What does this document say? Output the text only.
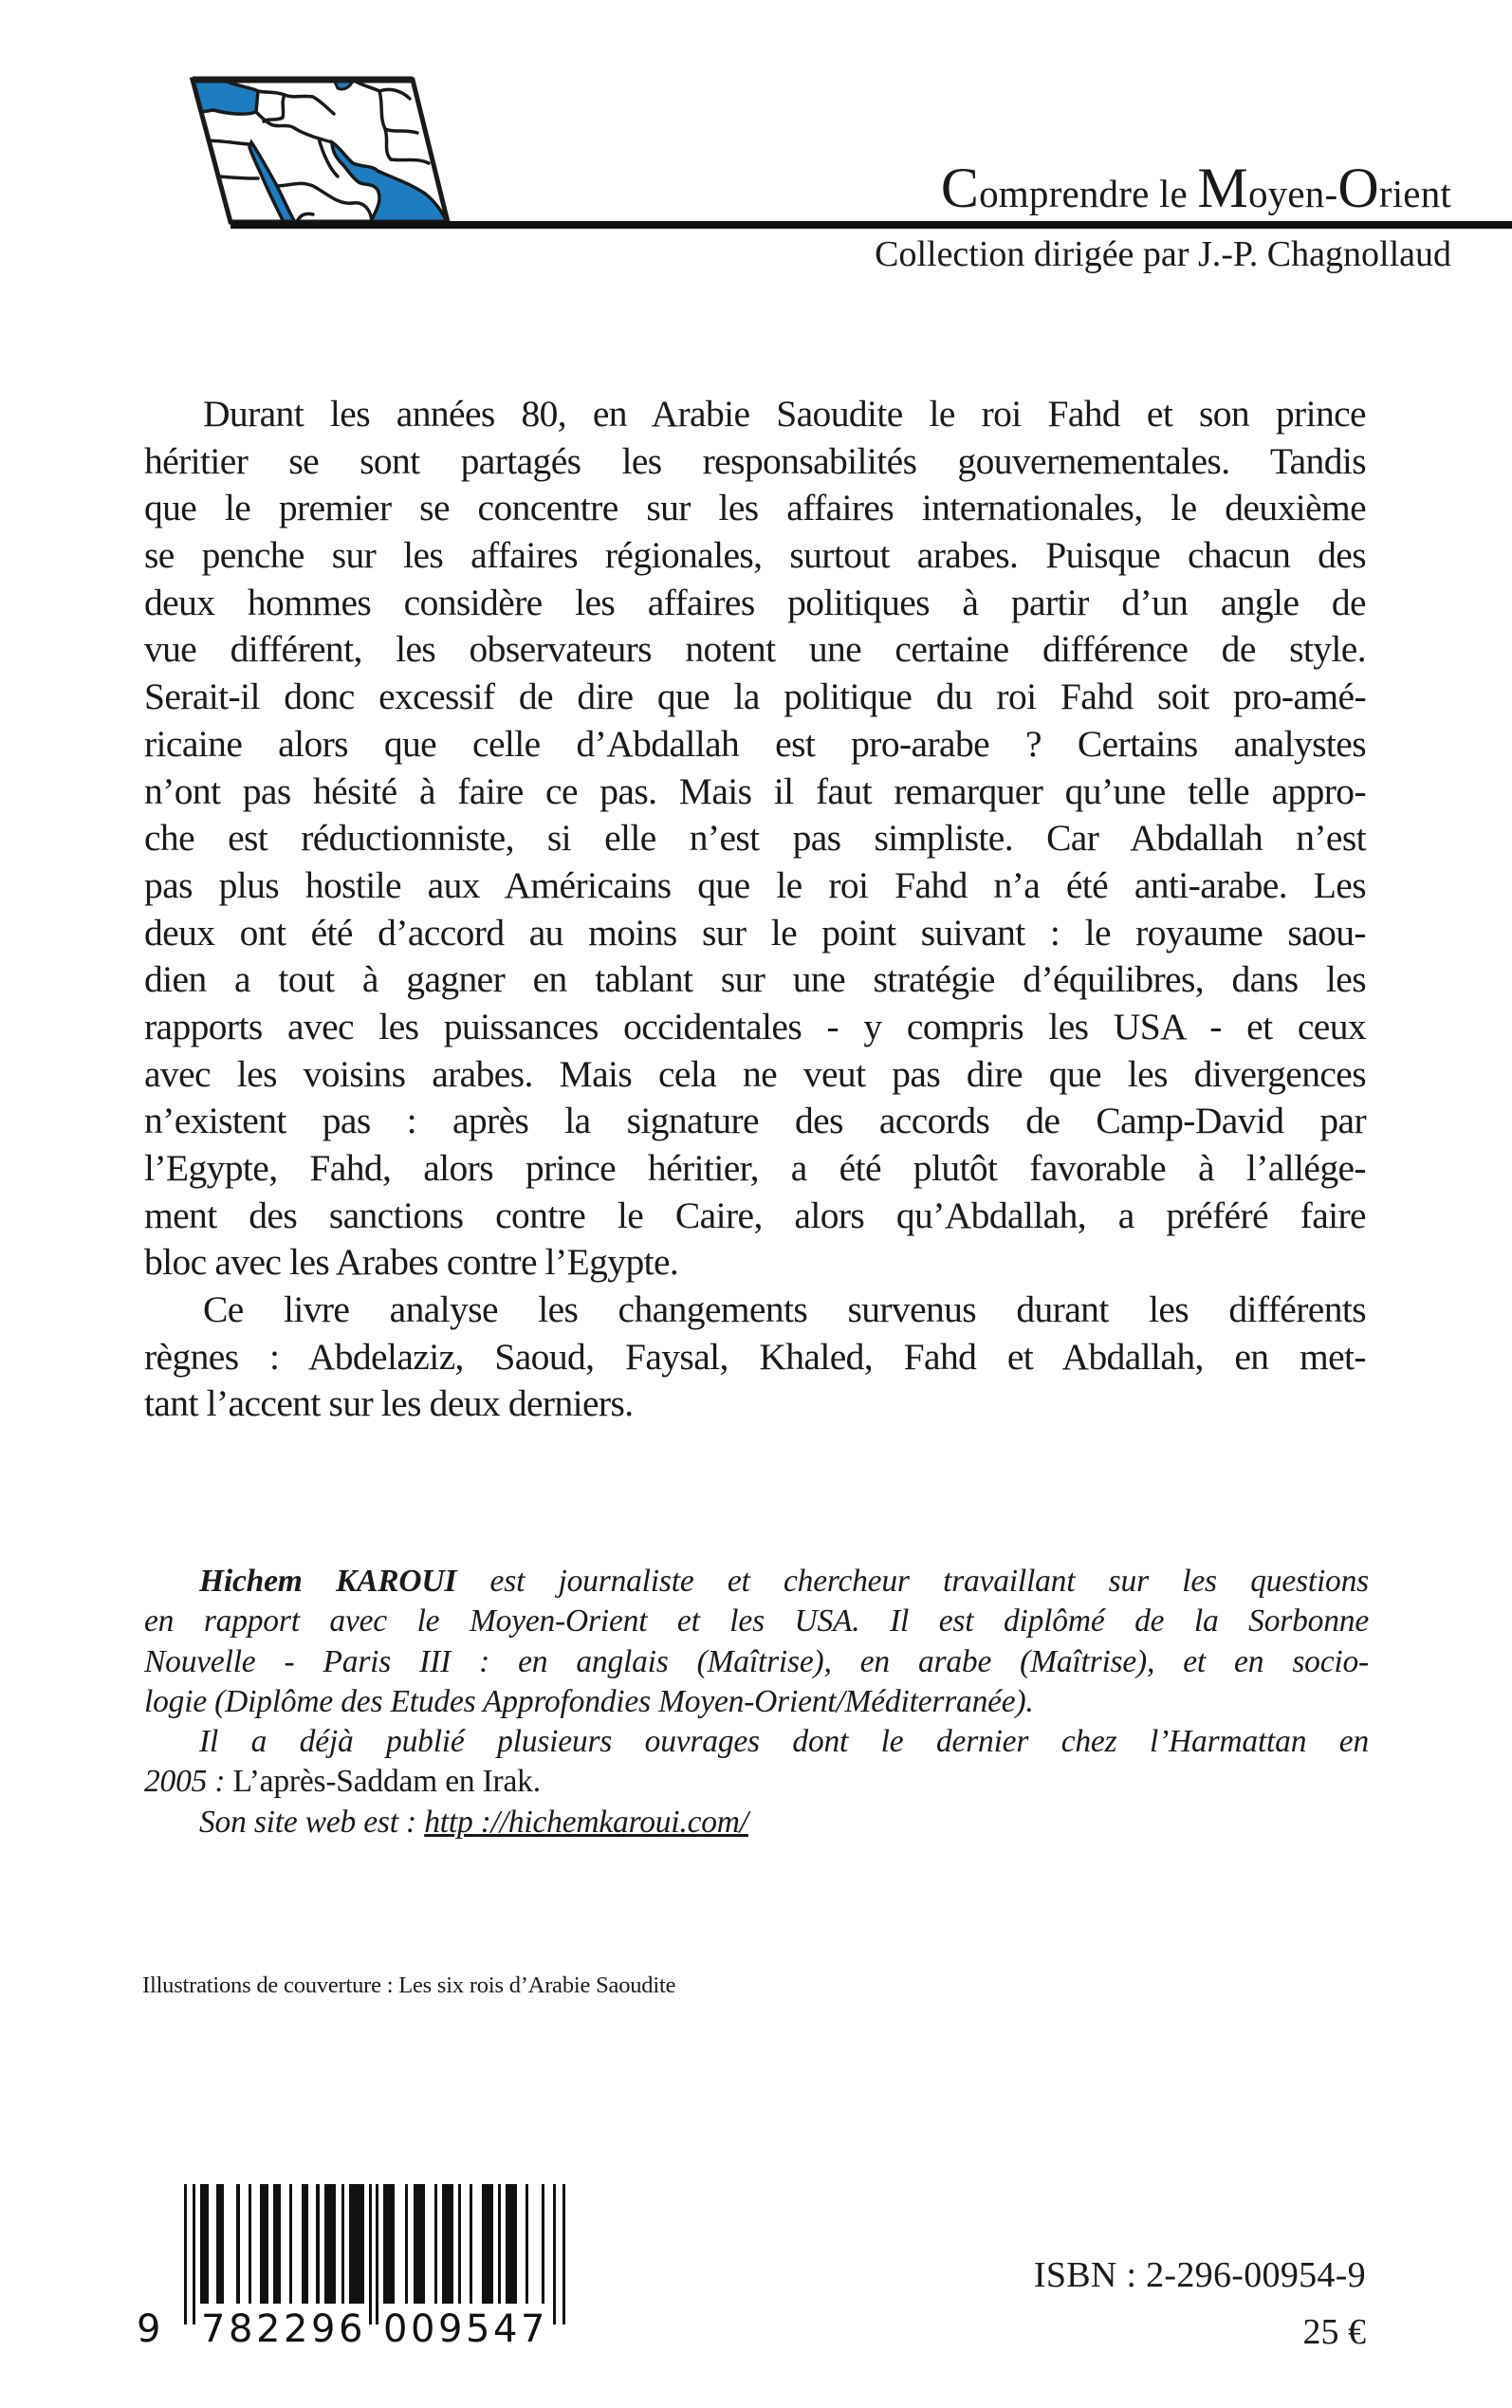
Comprendre le Moyen-Orient
Collection dirigée par J.-P. Chagnollaud
Durant les années 80, en Arabie Saoudite le roi Fahd et son prince
héritier se sont partagés les responsabilités gouvernementales. Tandis
que le premier se concentre sur les affaires internationales, le deuxième
se penche sur les affaires régionales, surtout arabes. Puisque chacun des
deux hommes considère les affaires politiques à partir d’un angle de
vue différent, les observateurs notent une certaine différence de style.
Serait-il donc excessif de dire que la politique du roi Fahd soit pro-amé-
ricaine alors que celle d’Abdallah est pro-arabe ? Certains analystes
n’ont pas hésité à faire ce pas. Mais il faut remarquer qu’une telle appro-
che est réductionniste, si elle n’est pas simpliste. Car Abdallah n’est
pas plus hostile aux Américains que le roi Fahd n’a été anti-arabe. Les
deux ont été d’accord au moins sur le point suivant : le royaume saou-
dien a tout à gagner en tablant sur une stratégie d’équilibres, dans les
rapports avec les puissances occidentales - y compris les USA - et ceux
avec les voisins arabes. Mais cela ne veut pas dire que les divergences
n’existent pas : après la signature des accords de Camp-David par
l’Egypte, Fahd, alors prince héritier, a été plutôt favorable à l’allége-
ment des sanctions contre le Caire, alors qu’Abdallah, a préféré faire
bloc avec les Arabes contre l’Egypte.
Ce livre analyse les changements survenus durant les différents
règnes : Abdelaziz, Saoud, Faysal, Khaled, Fahd et Abdallah, en met-
tant l’accent sur les deux derniers.
Hichem KAROUI est journaliste et chercheur travaillant sur les questions
en rapport avec le Moyen-Orient et les USA. Il est diplômé de la Sorbonne
Nouvelle - Paris III : en anglais (Maîtrise), en arabe (Maîtrise), et en socio-
logie (Diplôme des Etudes Approfondies Moyen-Orient/Méditerranée).
Il a déjà publié plusieurs ouvrages dont le dernier chez l’Harmattan en
2005 : L’après-Saddam en Irak.
Son site web est : http ://hichemkaroui.com/
Illustrations de couverture : Les six rois d’Arabie Saoudite
9 7 8 2 2 9 6 0 0 9 5 4 7
ISBN : 2-296-00954-9
25 €
